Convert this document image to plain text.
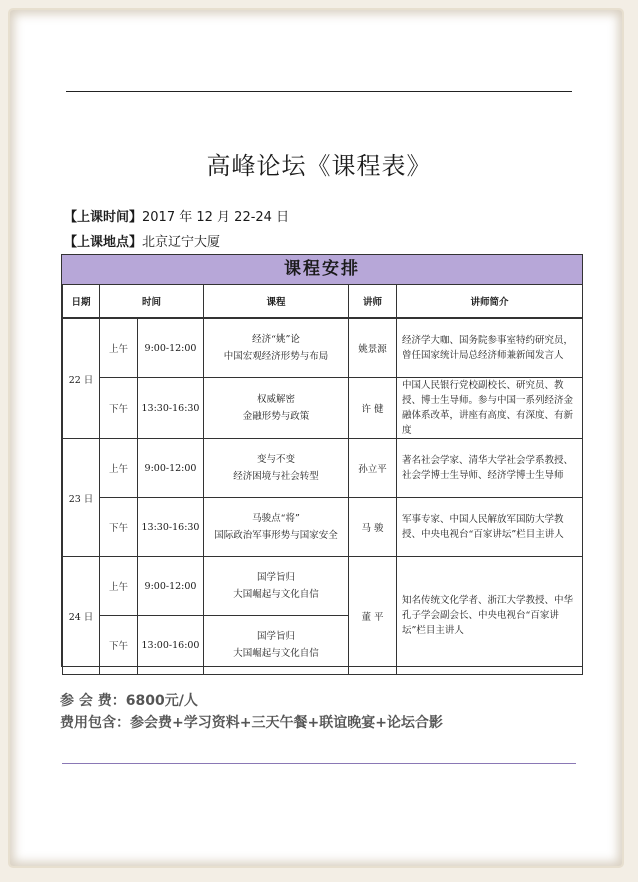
高峰论坛《课程表》
【上课时间】2017 年 12 月 22-24 日
【上课地点】北京辽宁大厦
课程安排
日期	时间		课程	讲师	讲师简介
22 日	上午	9:00-12:00	经济“姚”论
中国宏观经济形势与布局	姚景源	经济学大咖、国务院参事室特约研究员，曾任国家统计局总经济师兼新闻发言人
	下午	13:30-16:30	权威解密
金融形势与政策	许 健	中国人民银行党校副校长、研究员、教授、博士生导师。参与中国一系列经济金融体系改革，讲座有高度、有深度、有新度
23 日	上午	9:00-12:00	变与不变
经济困境与社会转型	孙立平	著名社会学家、清华大学社会学系教授、社会学博士生导师、经济学博士生导师
	下午	13:30-16:30	马骏点“将”
国际政治军事形势与国家安全	马 骏	军事专家、中国人民解放军国防大学教授、中央电视台“百家讲坛”栏目主讲人
24 日	上午	9:00-12:00	国学旨归
大国崛起与文化自信	董 平	知名传统文化学者、浙江大学教授、中华孔子学会副会长、中央电视台“百家讲坛”栏目主讲人
	下午	13:00-16:00	国学旨归
大国崛起与文化自信		
参 会 费：6800元/人
费用包含：参会费+学习资料+三天午餐+联谊晚宴+论坛合影
